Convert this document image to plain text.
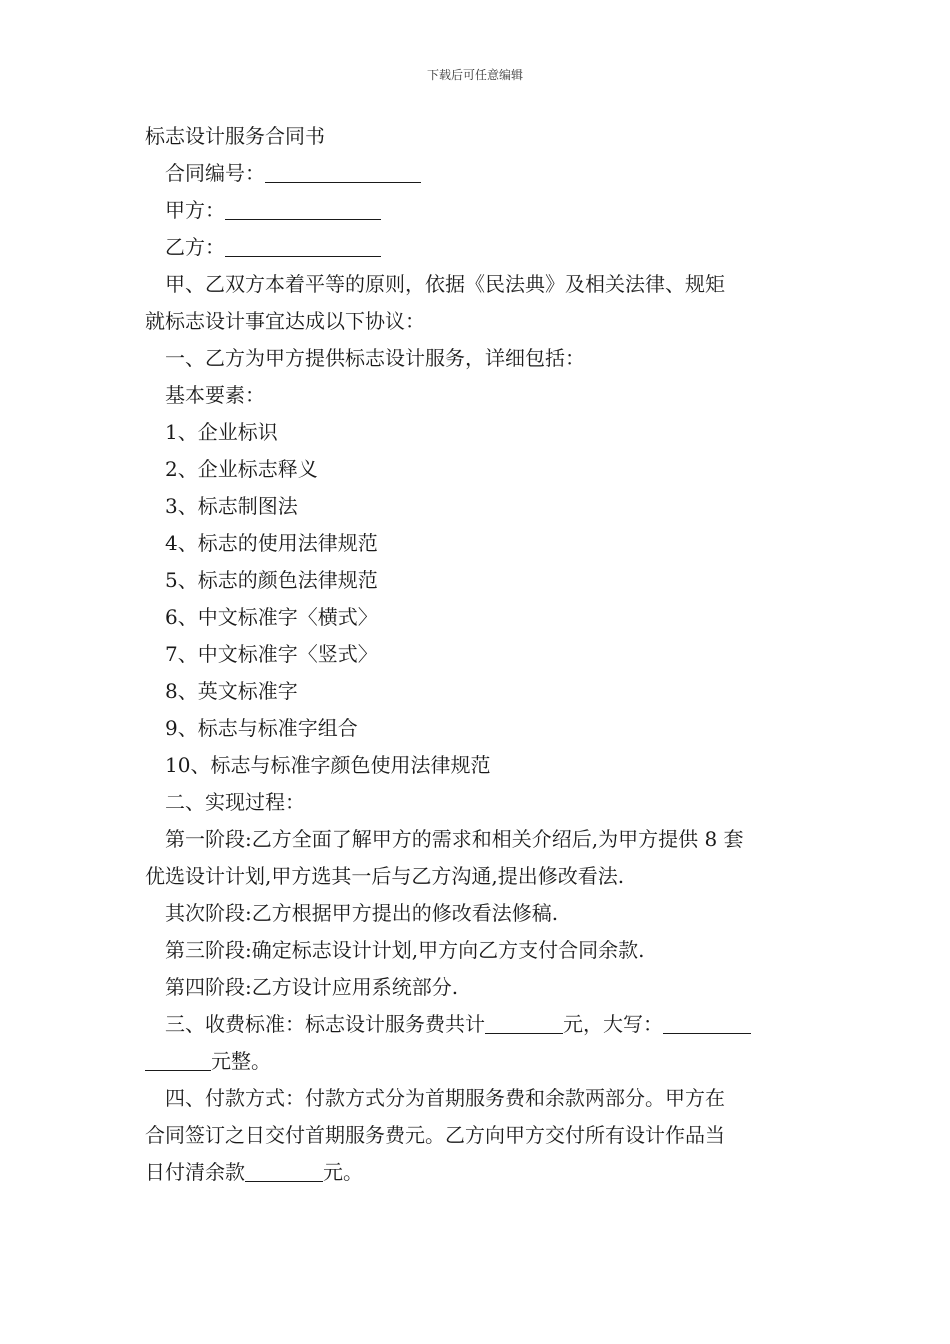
下载后可任意编辑
标志设计服务合同书
合同编号：
甲方：
乙方：
甲、乙双方本着平等的原则，依据《民法典》及相关法律、规矩
就标志设计事宜达成以下协议：
一、乙方为甲方提供标志设计服务，详细包括：
基本要素：
1、企业标识
2、企业标志释义
3、标志制图法
4、标志的使用法律规范
5、标志的颜色法律规范
6、中文标准字〈横式〉
7、中文标准字〈竖式〉
8、英文标准字
9、标志与标准字组合
10、标志与标准字颜色使用法律规范
二、实现过程：
第一阶段:乙方全面了解甲方的需求和相关介绍后,为甲方提供 8 套
优选设计计划,甲方选其一后与乙方沟通,提出修改看法.
其次阶段:乙方根据甲方提出的修改看法修稿.
第三阶段:确定标志设计计划,甲方向乙方支付合同余款.
第四阶段:乙方设计应用系统部分.
三、收费标准：标志设计服务费共计	元，大写：
元整。
四、付款方式：付款方式分为首期服务费和余款两部分。甲方在
合同签订之日交付首期服务费元。乙方向甲方交付所有设计作品当
日付清余款	元。
